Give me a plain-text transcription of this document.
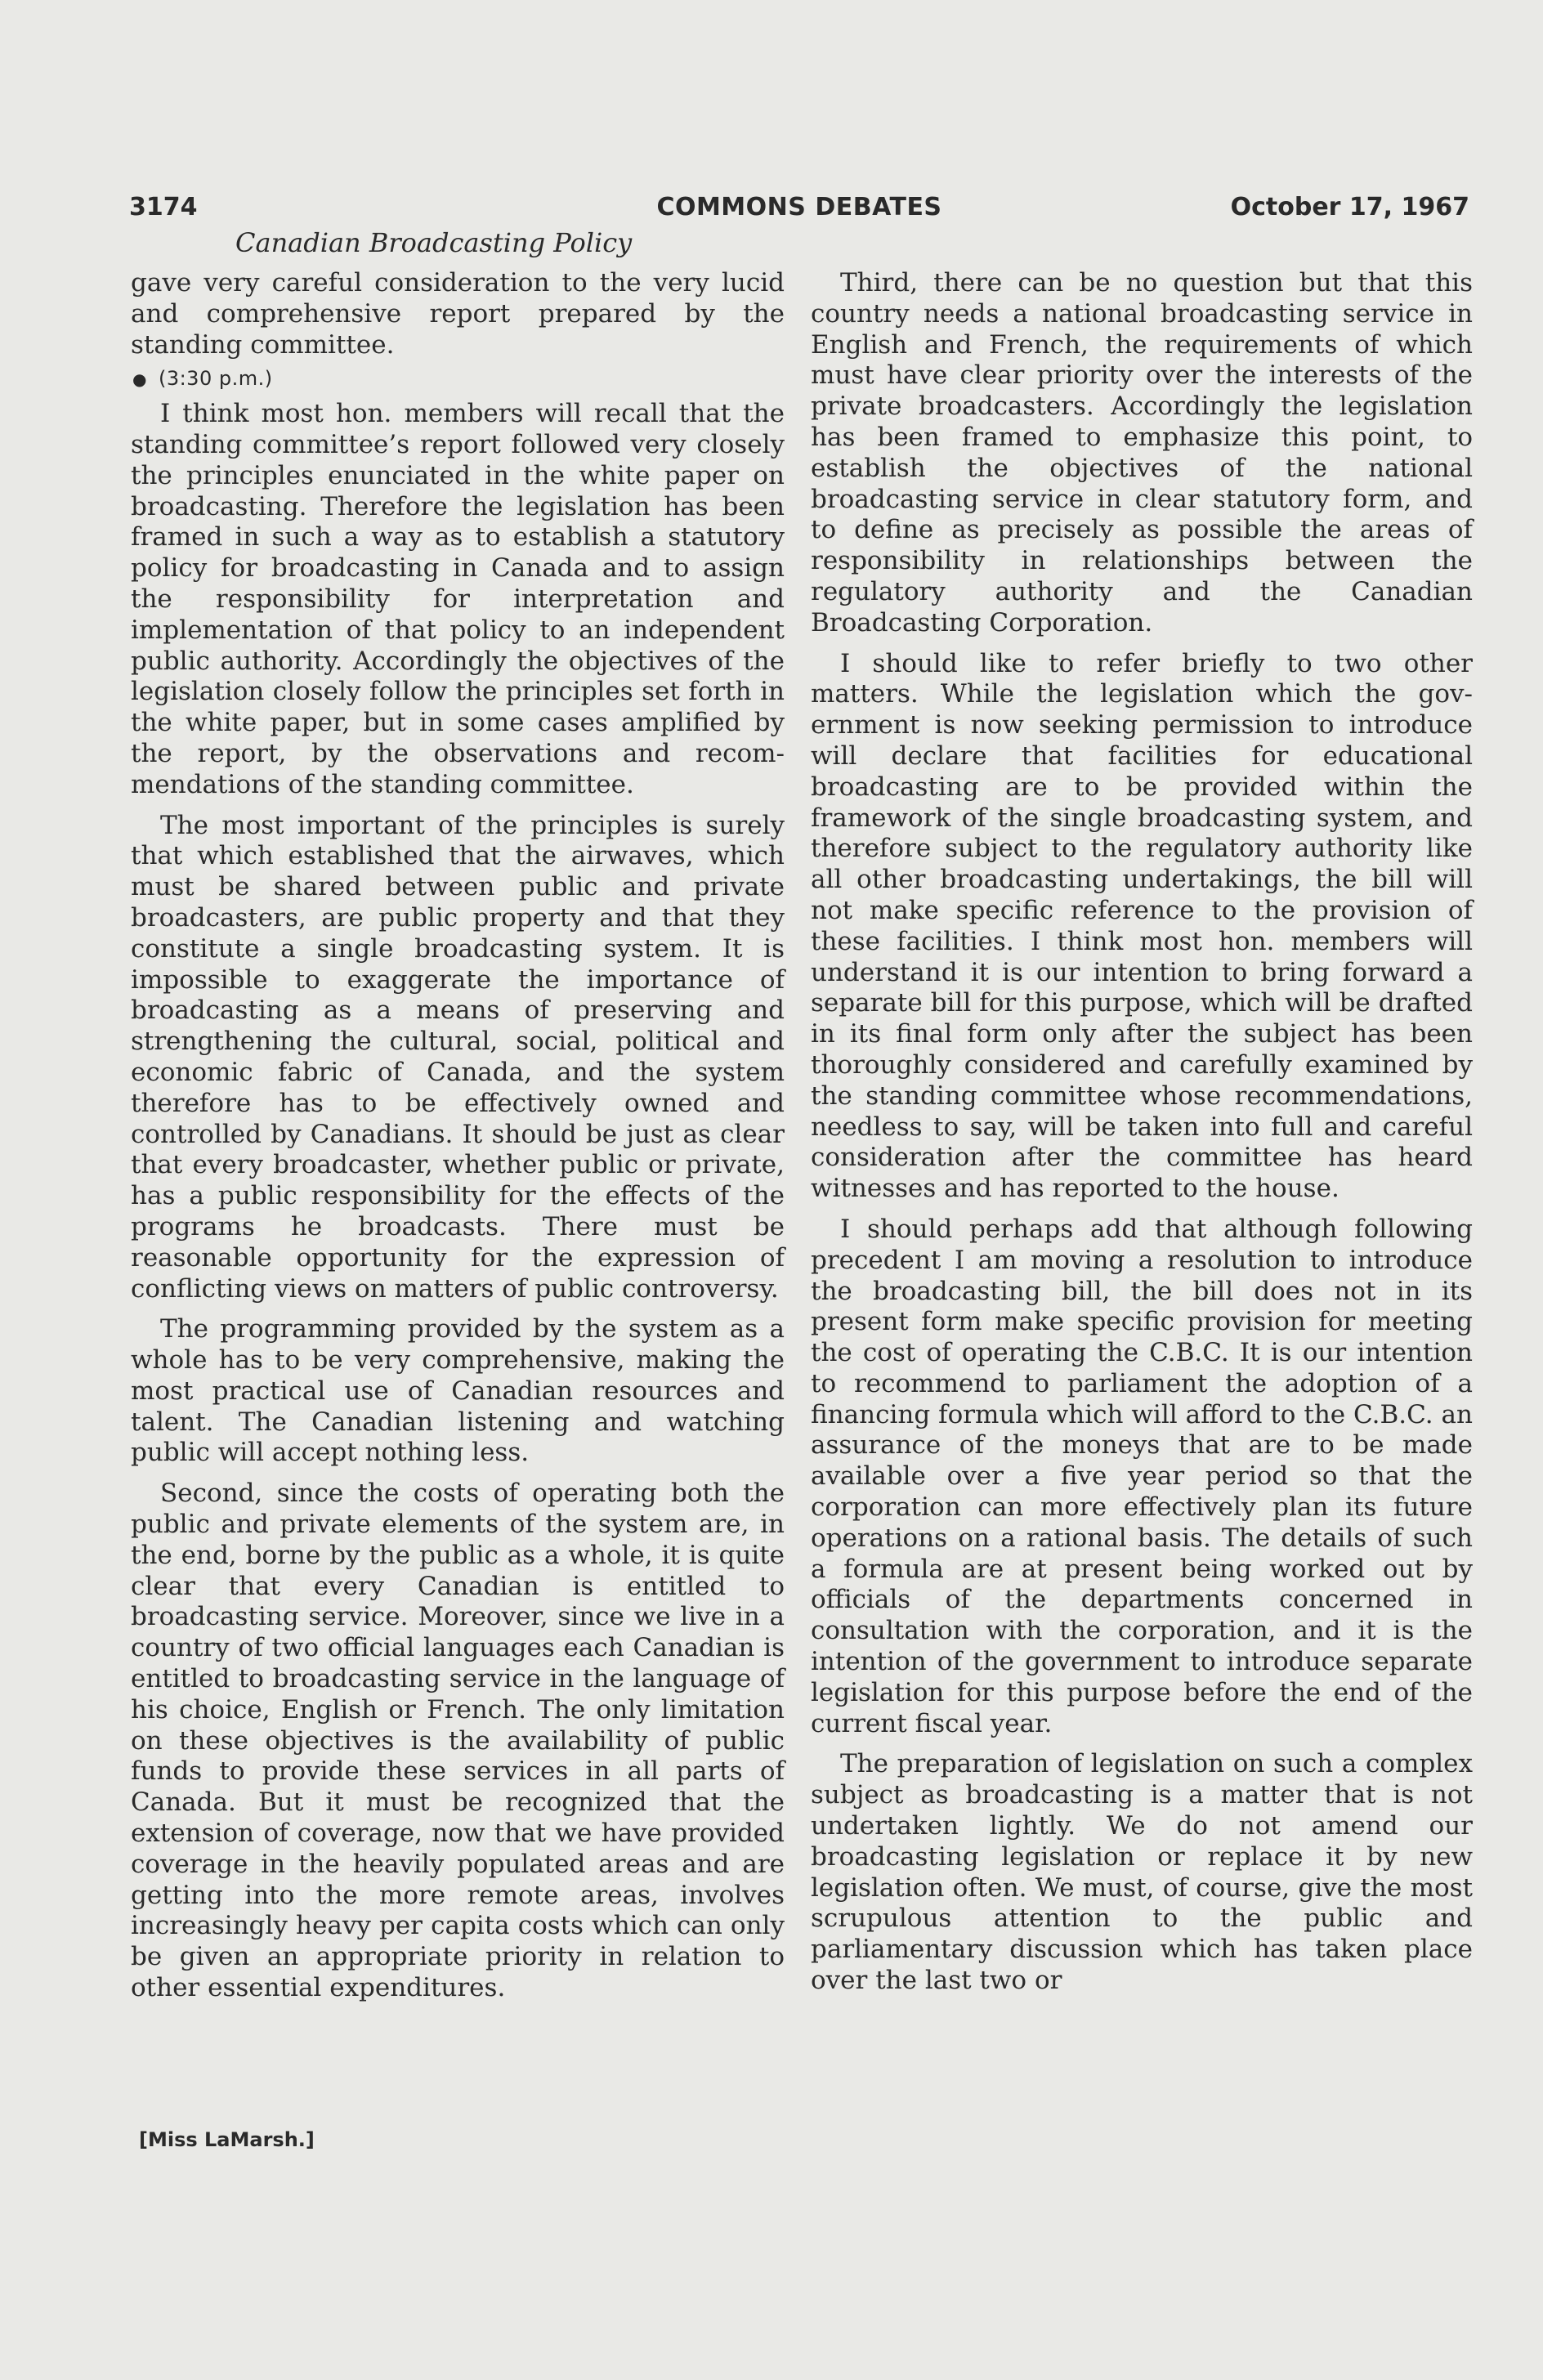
3174	COMMONS DEBATES	October 17, 1967
Canadian Broadcasting Policy

gave very careful consideration to the very lucid and comprehensive report prepared by the standing committee.

● (3:30 p.m.)

I think most hon. members will recall that the standing committee’s report followed very closely the principles enunciated in the white paper on broadcasting. Therefore the legislation has been framed in such a way as to establish a statutory policy for broadcasting in Canada and to assign the responsibility for interpretation and implementation of that policy to an independent public authority. Accordingly the objectives of the legislation closely follow the principles set forth in the white paper, but in some cases amplified by the report, by the observations and recommendations of the standing committee.

The most important of the principles is surely that which established that the airwaves, which must be shared between public and private broadcasters, are public property and that they constitute a single broadcasting system. It is impossible to exaggerate the importance of broadcasting as a means of preserving and strengthening the cultural, social, political and economic fabric of Canada, and the system therefore has to be effectively owned and controlled by Canadians. It should be just as clear that every broadcaster, whether public or private, has a public responsibility for the effects of the programs he broadcasts. There must be reasonable opportunity for the expression of conflicting views on matters of public controversy.

The programming provided by the system as a whole has to be very comprehensive, making the most practical use of Canadian resources and talent. The Canadian listening and watching public will accept nothing less.

Second, since the costs of operating both the public and private elements of the system are, in the end, borne by the public as a whole, it is quite clear that every Canadian is entitled to broadcasting service. Moreover, since we live in a country of two official languages each Canadian is entitled to broadcasting service in the language of his choice, English or French. The only limitation on these objectives is the availability of public funds to provide these services in all parts of Canada. But it must be recognized that the extension of coverage, now that we have provided coverage in the heavily populated areas and are getting into the more remote areas, involves increasingly heavy per capita costs which can only be given an appropriate priority in relation to other essential expenditures.

[Miss LaMarsh.]

Third, there can be no question but that this country needs a national broadcasting service in English and French, the requirements of which must have clear priority over the interests of the private broadcasters. Accordingly the legislation has been framed to emphasize this point, to establish the objectives of the national broadcasting service in clear statutory form, and to define as precisely as possible the areas of responsibility in relationships between the regulatory authority and the Canadian Broadcasting Corporation.

I should like to refer briefly to two other matters. While the legislation which the government is now seeking permission to introduce will declare that facilities for educational broadcasting are to be provided within the framework of the single broadcasting system, and therefore subject to the regulatory authority like all other broadcasting undertakings, the bill will not make specific reference to the provision of these facilities. I think most hon. members will understand it is our intention to bring forward a separate bill for this purpose, which will be drafted in its final form only after the subject has been thoroughly considered and carefully examined by the standing committee whose recommendations, needless to say, will be taken into full and careful consideration after the committee has heard witnesses and has reported to the house.

I should perhaps add that although following precedent I am moving a resolution to introduce the broadcasting bill, the bill does not in its present form make specific provision for meeting the cost of operating the C.B.C. It is our intention to recommend to parliament the adoption of a financing formula which will afford to the C.B.C. an assurance of the moneys that are to be made available over a five year period so that the corporation can more effectively plan its future operations on a rational basis. The details of such a formula are at present being worked out by officials of the departments concerned in consultation with the corporation, and it is the intention of the government to introduce separate legislation for this purpose before the end of the current fiscal year.

The preparation of legislation on such a complex subject as broadcasting is a matter that is not undertaken lightly. We do not amend our broadcasting legislation or replace it by new legislation often. We must, of course, give the most scrupulous attention to the public and parliamentary discussion which has taken place over the last two or
